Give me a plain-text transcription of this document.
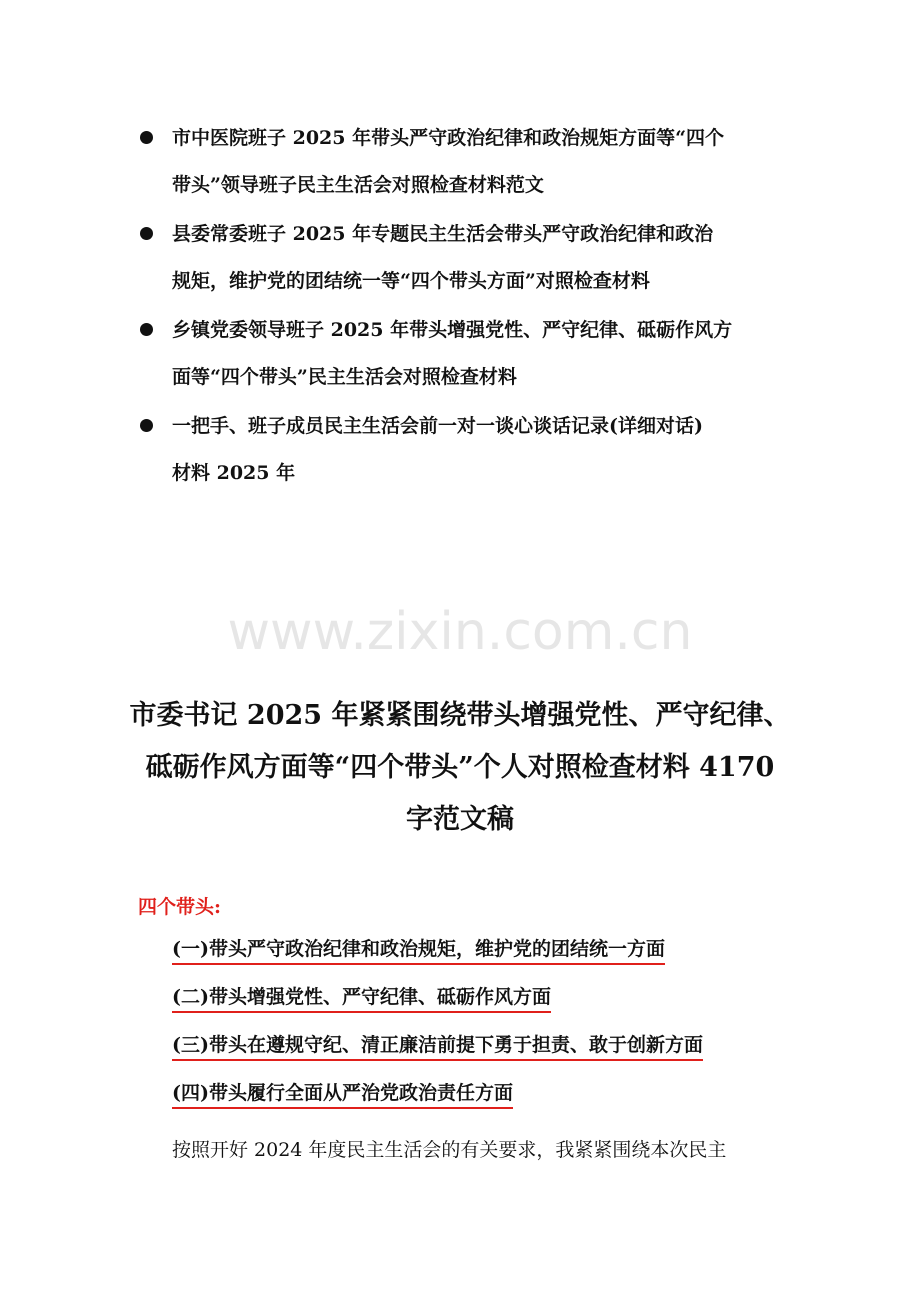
市中医院班子 2025 年带头严守政治纪律和政治规矩方面等“四个
带头”领导班子民主生活会对照检查材料范文
县委常委班子 2025 年专题民主生活会带头严守政治纪律和政治
规矩，维护党的团结统一等“四个带头方面”对照检查材料
乡镇党委领导班子 2025 年带头增强党性、严守纪律、砥砺作风方
面等“四个带头”民主生活会对照检查材料
一把手、班子成员民主生活会前一对一谈心谈话记录(详细对话)
材料 2025 年
www.zixin.com.cn
市委书记 2025 年紧紧围绕带头增强党性、严守纪律、
砥砺作风方面等“四个带头”个人对照检查材料 4170
字范文稿
四个带头:
(一)带头严守政治纪律和政治规矩，维护党的团结统一方面
(二)带头增强党性、严守纪律、砥砺作风方面
(三)带头在遵规守纪、清正廉洁前提下勇于担责、敢于创新方面
(四)带头履行全面从严治党政治责任方面
按照开好 2024 年度民主生活会的有关要求，我紧紧围绕本次民主
